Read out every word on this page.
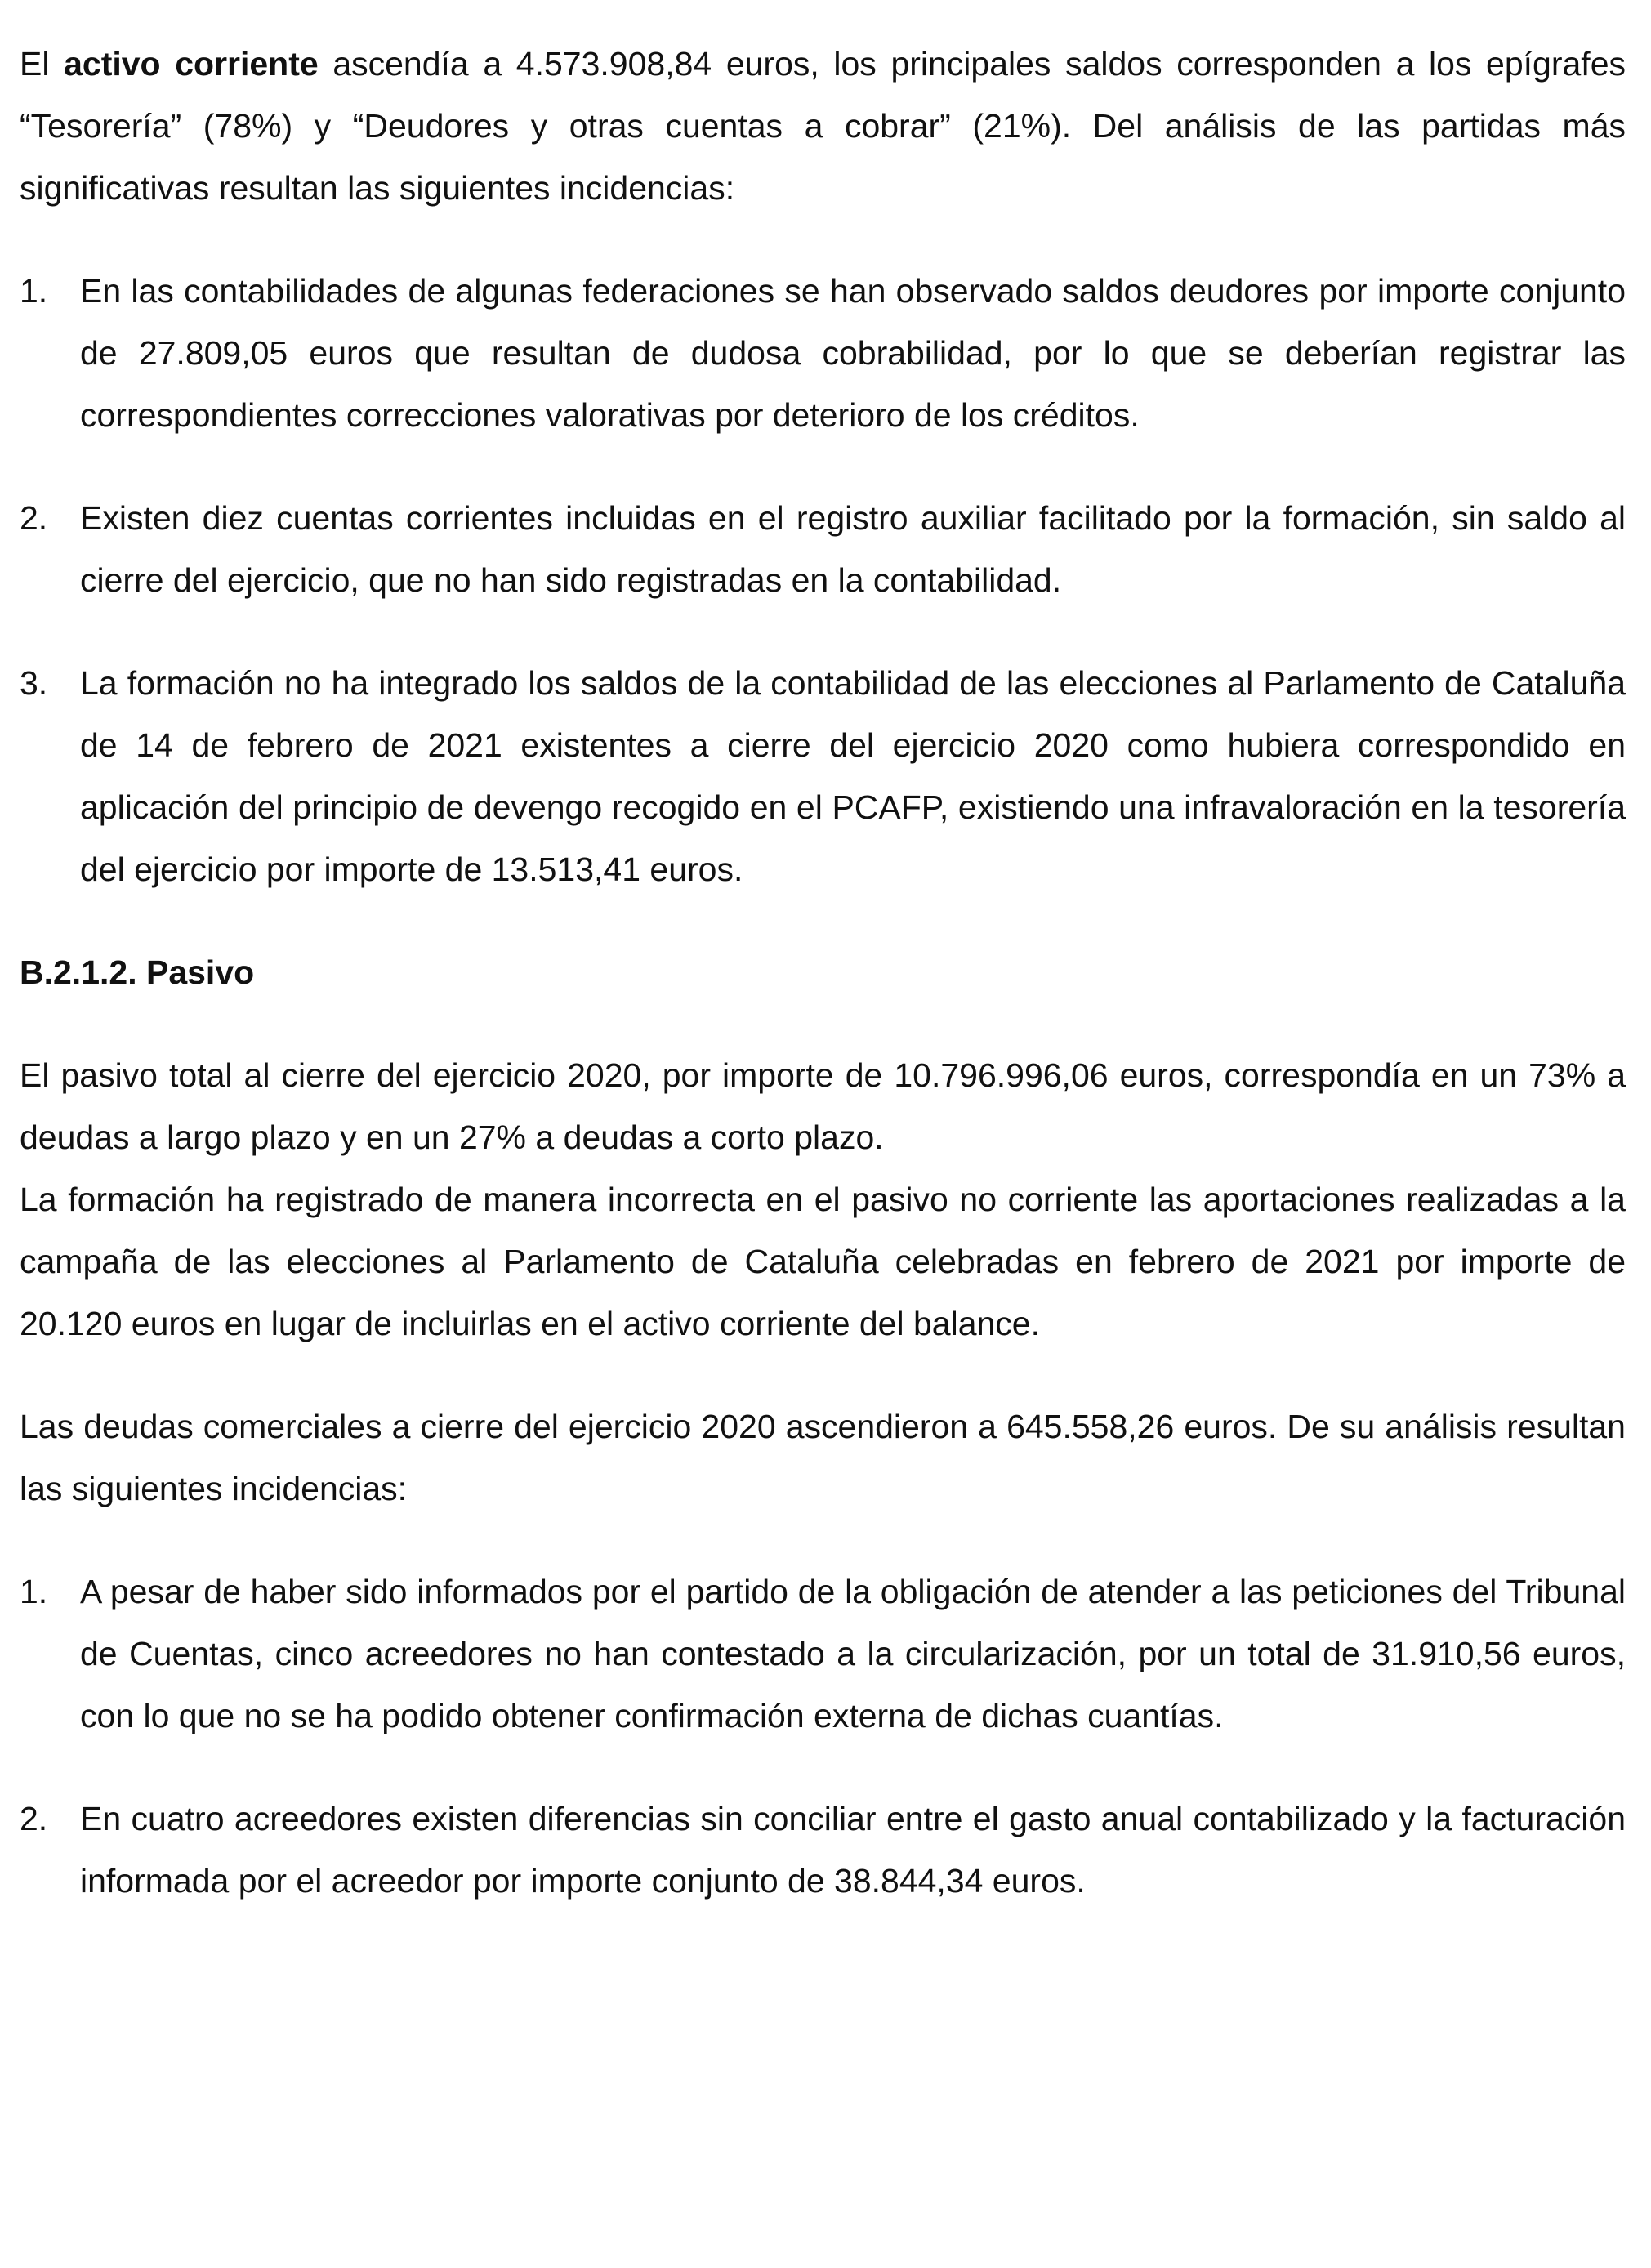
El activo corriente ascendía a 4.573.908,84 euros, los principales saldos corresponden a los epígrafes “Tesorería” (78%) y “Deudores y otras cuentas a cobrar” (21%). Del análisis de las partidas más significativas resultan las siguientes incidencias:

1. En las contabilidades de algunas federaciones se han observado saldos deudores por importe conjunto de 27.809,05 euros que resultan de dudosa cobrabilidad, por lo que se deberían registrar las correspondientes correcciones valorativas por deterioro de los créditos.
2. Existen diez cuentas corrientes incluidas en el registro auxiliar facilitado por la formación, sin saldo al cierre del ejercicio, que no han sido registradas en la contabilidad.
3. La formación no ha integrado los saldos de la contabilidad de las elecciones al Parlamento de Cataluña de 14 de febrero de 2021 existentes a cierre del ejercicio 2020 como hubiera correspondido en aplicación del principio de devengo recogido en el PCAFP, existiendo una infravaloración en la tesorería del ejercicio por importe de 13.513,41 euros.

B.2.1.2. Pasivo

El pasivo total al cierre del ejercicio 2020, por importe de 10.796.996,06 euros, correspondía en un 73% a deudas a largo plazo y en un 27% a deudas a corto plazo.

La formación ha registrado de manera incorrecta en el pasivo no corriente las aportaciones realizadas a la campaña de las elecciones al Parlamento de Cataluña celebradas en febrero de 2021 por importe de 20.120 euros en lugar de incluirlas en el activo corriente del balance.

Las deudas comerciales a cierre del ejercicio 2020 ascendieron a 645.558,26 euros. De su análisis resultan las siguientes incidencias:

1. A pesar de haber sido informados por el partido de la obligación de atender a las peticiones del Tribunal de Cuentas, cinco acreedores no han contestado a la circularización, por un total de 31.910,56 euros, con lo que no se ha podido obtener confirmación externa de dichas cuantías.
2. En cuatro acreedores existen diferencias sin conciliar entre el gasto anual contabilizado y la facturación informada por el acreedor por importe conjunto de 38.844,34 euros.
